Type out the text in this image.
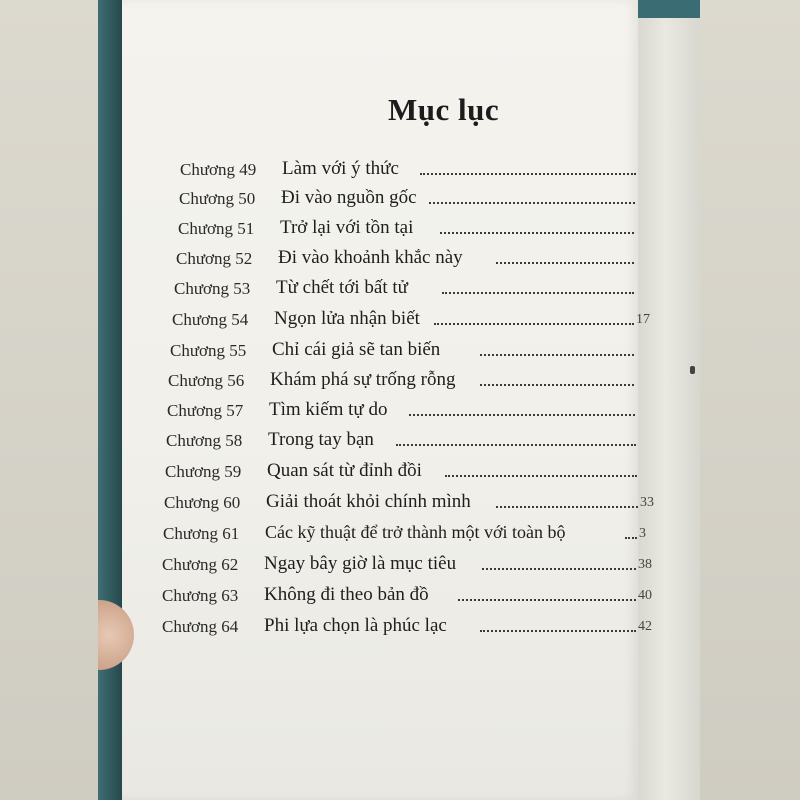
Mục lục
Chương 49 Làm với ý thức
Chương 50 Đi vào nguồn gốc
Chương 51 Trở lại với tồn tại
Chương 52 Đi vào khoảnh khắc này
Chương 53 Từ chết tới bất tử
Chương 54 Ngọn lửa nhận biết	17
Chương 55 Chỉ cái giả sẽ tan biến
Chương 56 Khám phá sự trống rỗng
Chương 57 Tìm kiếm tự do
Chương 58 Trong tay bạn
Chương 59 Quan sát từ đỉnh đồi
Chương 60 Giải thoát khỏi chính mình	33
Chương 61 Các kỹ thuật để trở thành một với toàn bộ	3
Chương 62 Ngay bây giờ là mục tiêu	38
Chương 63 Không đi theo bản đồ	40
Chương 64 Phi lựa chọn là phúc lạc	42
